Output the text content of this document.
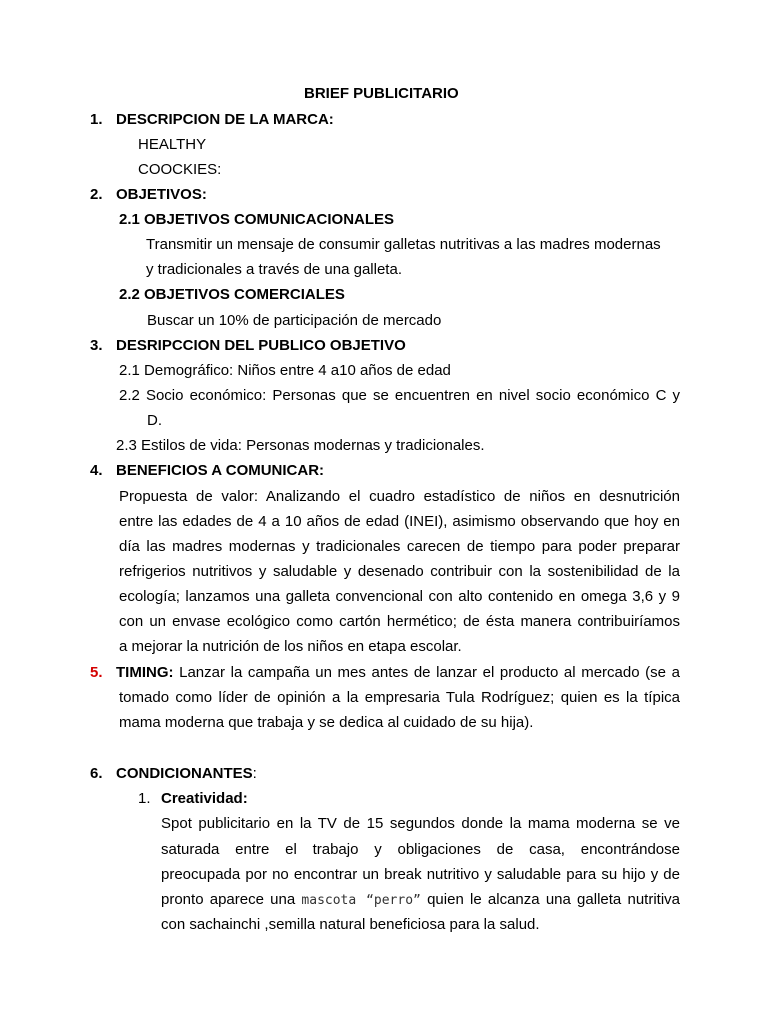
BRIEF PUBLICITARIO
1. DESCRIPCION DE LA MARCA:
HEALTHY
COOCKIES:
2. OBJETIVOS:
2.1 OBJETIVOS COMUNICACIONALES
Transmitir un mensaje de consumir galletas nutritivas a las madres modernas
y tradicionales a través de una galleta.
2.2 OBJETIVOS COMERCIALES
Buscar un 10% de participación de mercado
3. DESRIPCCION DEL PUBLICO OBJETIVO
2.1 Demográfico: Niños entre 4 a10 años de edad
2.2 Socio económico: Personas que se encuentren en nivel socio económico C y
D.
2.3 Estilos de vida: Personas modernas y tradicionales.
4. BENEFICIOS A COMUNICAR:
Propuesta de valor: Analizando el cuadro estadístico de niños en desnutrición
entre las edades de 4 a 10 años de edad (INEI), asimismo observando que hoy en
día las madres modernas y tradicionales carecen de tiempo para poder preparar
refrigerios nutritivos y saludable y desenado contribuir con la sostenibilidad de la
ecología; lanzamos una galleta convencional con alto contenido en omega 3,6 y 9
con un envase ecológico como cartón hermético; de ésta manera contribuiríamos
a mejorar la nutrición de los niños en etapa escolar.
5. TIMING: Lanzar la campaña un mes antes de lanzar el producto al mercado (se a
tomado como líder de opinión a la empresaria Tula Rodríguez; quien es la típica
mama moderna que trabaja y se dedica al cuidado de su hija).
6. CONDICIONANTES:
1. Creatividad:
Spot publicitario en la TV de 15 segundos donde la mama moderna se ve
saturada entre el trabajo y obligaciones de casa, encontrándose
preocupada por no encontrar un break nutritivo y saludable para su hijo y de
pronto aparece una mascota “perro” quien le alcanza una galleta nutritiva
con sachainchi ,semilla natural beneficiosa para la salud.
